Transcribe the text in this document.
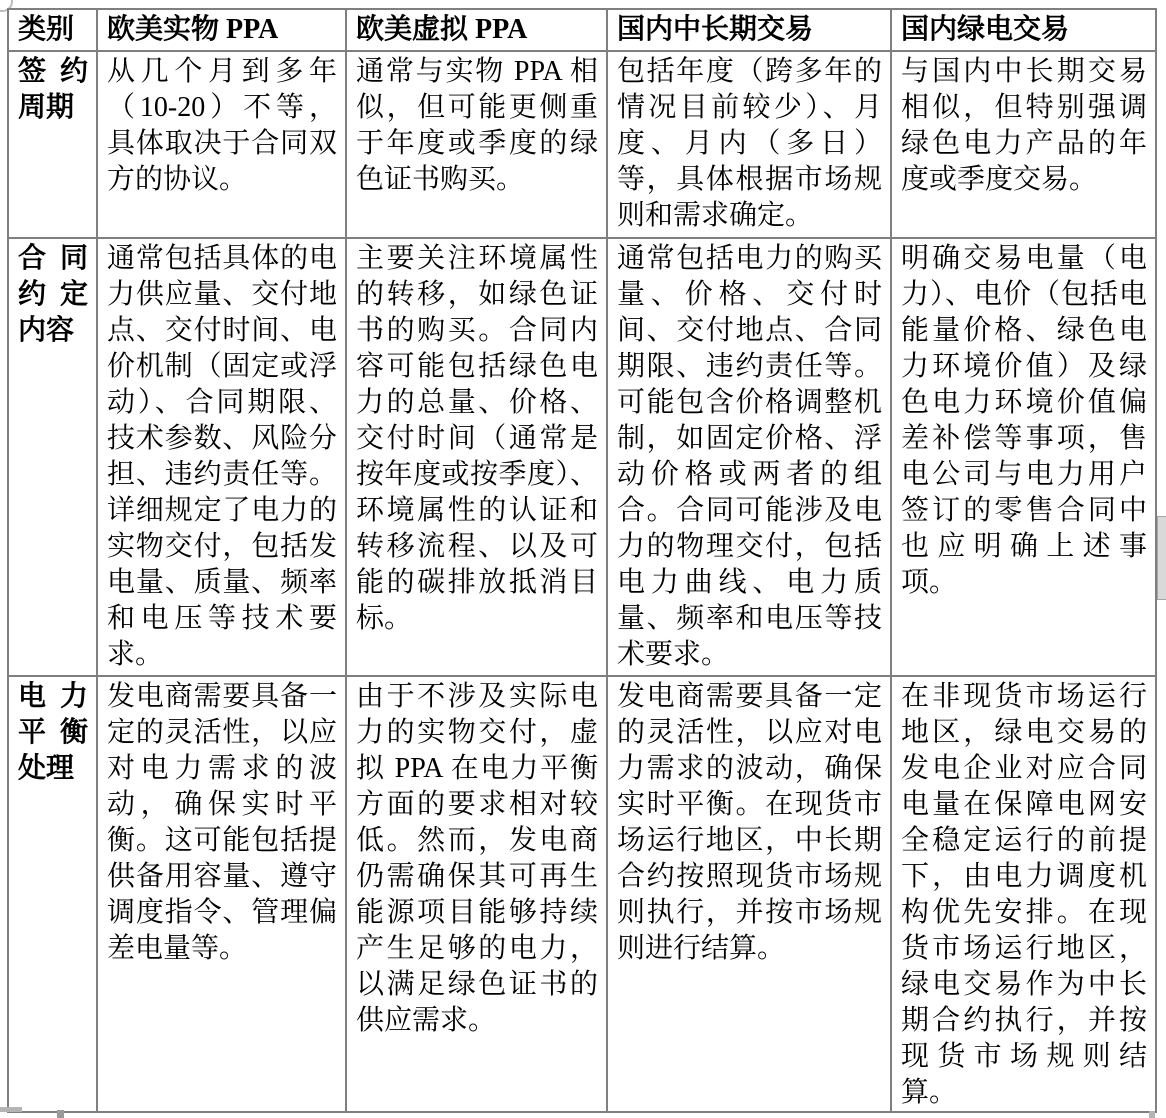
类别	欧美实物 PPA	欧美虚拟 PPA	国内中长期交易	国内绿电交易
签约周期	从几个月到多年（10-20）不等，具体取决于合同双方的协议。	通常与实物 PPA 相似，但可能更侧重于年度或季度的绿色证书购买。	包括年度（跨多年的情况目前较少）、月度、月内（多日）等，具体根据市场规则和需求确定。	与国内中长期交易相似，但特别强调绿色电力产品的年度或季度交易。
合同约定内容	通常包括具体的电力供应量、交付地点、交付时间、电价机制（固定或浮动）、合同期限、技术参数、风险分担、违约责任等。详细规定了电力的实物交付，包括发电量、质量、频率和电压等技术要求。	主要关注环境属性的转移，如绿色证书的购买。合同内容可能包括绿色电力的总量、价格、交付时间（通常是按年度或按季度）、环境属性的认证和转移流程、以及可能的碳排放抵消目标。	通常包括电力的购买量、价格、交付时间、交付地点、合同期限、违约责任等。可能包含价格调整机制，如固定价格、浮动价格或两者的组合。合同可能涉及电力的物理交付，包括电力曲线、电力质量、频率和电压等技术要求。	明确交易电量（电力）、电价（包括电能量价格、绿色电力环境价值）及绿色电力环境价值偏差补偿等事项，售电公司与电力用户签订的零售合同中也应明确上述事项。
电力平衡处理	发电商需要具备一定的灵活性，以应对电力需求的波动，确保实时平衡。这可能包括提供备用容量、遵守调度指令、管理偏差电量等。	由于不涉及实际电力的实物交付，虚拟 PPA 在电力平衡方面的要求相对较低。然而，发电商仍需确保其可再生能源项目能够持续产生足够的电力，以满足绿色证书的供应需求。	发电商需要具备一定的灵活性，以应对电力需求的波动，确保实时平衡。在现货市场运行地区，中长期合约按照现货市场规则执行，并按市场规则进行结算。	在非现货市场运行地区，绿电交易的发电企业对应合同电量在保障电网安全稳定运行的前提下，由电力调度机构优先安排。在现货市场运行地区，绿电交易作为中长期合约执行，并按现货市场规则结算。
